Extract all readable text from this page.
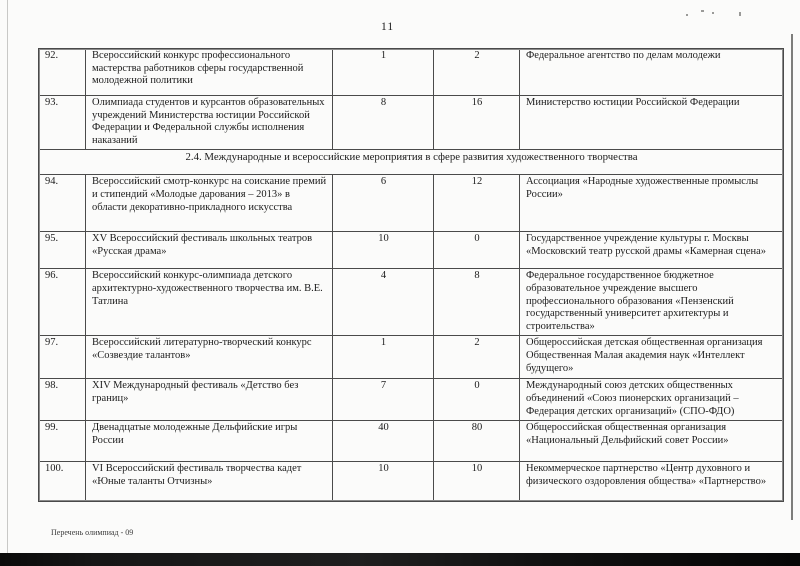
11
92.	Всероссийский конкурс профессионального мастерства работников сферы государственной молодежной политики	1	2	Федеральное агентство по делам молодежи
93.	Олимпиада студентов и курсантов образовательных учреждений Министерства юстиции Российской Федерации и Федеральной службы исполнения наказаний	8	16	Министерство юстиции Российской Федерации
2.4. Международные и всероссийские мероприятия в сфере развития художественного творчества				
94.	Всероссийский смотр-конкурс на соискание премий и стипендий «Молодые дарования – 2013» в области декоративно-прикладного искусства	6	12	Ассоциация «Народные художественные промыслы России»
95.	XV Всероссийский фестиваль школьных театров «Русская драма»	10	0	Государственное учреждение культуры г. Москвы «Московский театр русской драмы «Камерная сцена»
96.	Всероссийский конкурс-олимпиада детского архитектурно-художественного творчества им. В.Е. Татлина	4	8	Федеральное государственное бюджетное образовательное учреждение высшего профессионального образования «Пензенский государственный университет архитектуры и строительства»
97.	Всероссийский литературно-творческий конкурс «Созвездие талантов»	1	2	Общероссийская детская общественная организация Общественная Малая академия наук «Интеллект будущего»
98.	XIV Международный фестиваль «Детство без границ»	7	0	Международный союз детских общественных объединений «Союз пионерских организаций – Федерация детских организаций» (СПО-ФДО)
99.	Двенадцатые молодежные Дельфийские игры России	40	80	Общероссийская общественная организация «Национальный Дельфийский совет России»
100.	VI Всероссийский фестиваль творчества кадет «Юные таланты Отчизны»	10	10	Некоммерческое партнерство «Центр духовного и физического оздоровления общества» «Партнерство»
Перечень олимпиад - 09
